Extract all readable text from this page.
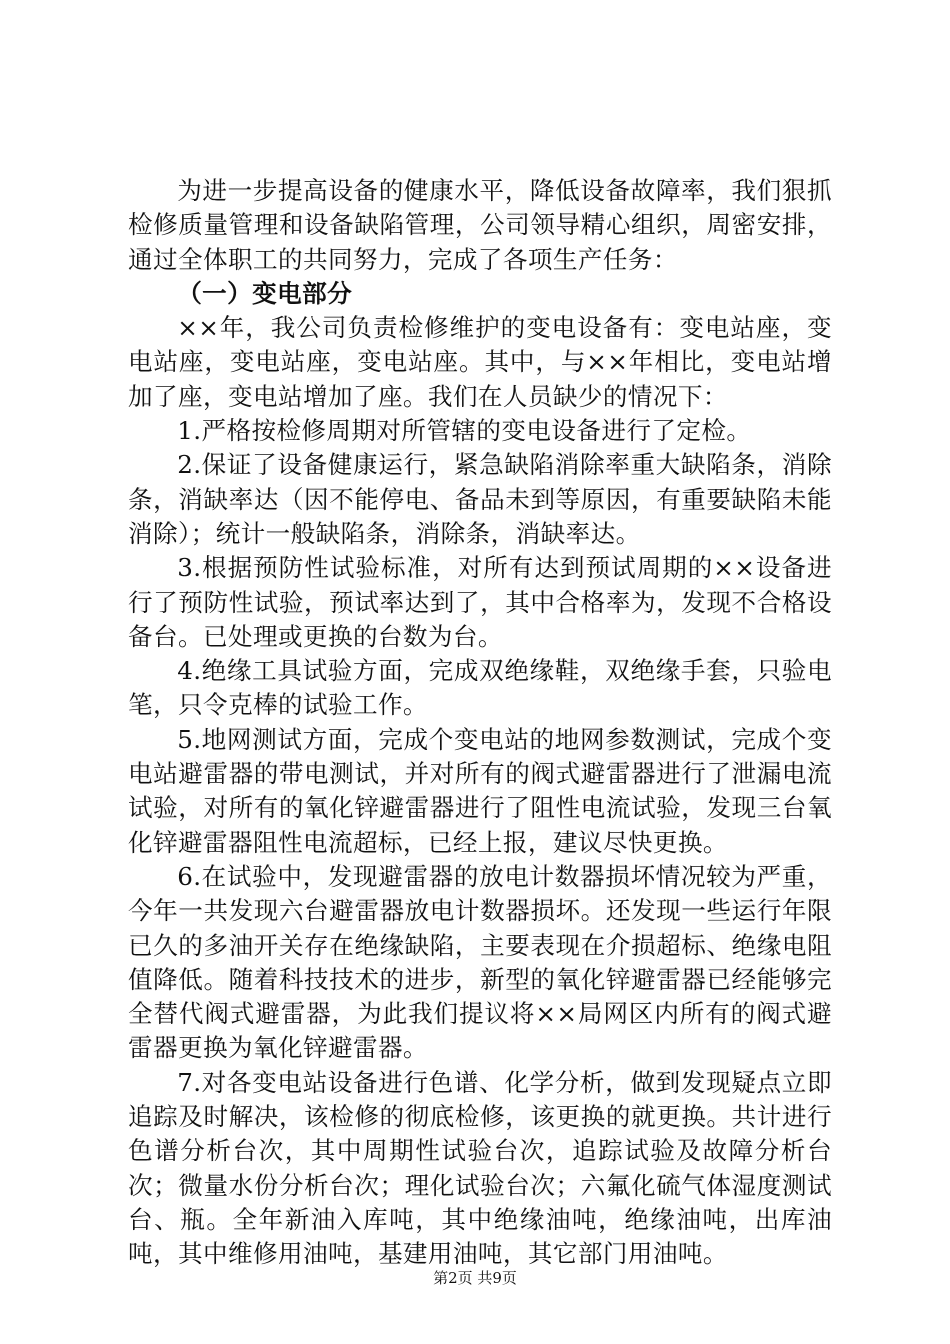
为进一步提高设备的健康水平，降低设备故障率，我们狠抓检修质量管理和设备缺陷管理，公司领导精心组织，周密安排，通过全体职工的共同努力，完成了各项生产任务：

（一）变电部分

××年，我公司负责检修维护的变电设备有：变电站座，变电站座，变电站座，变电站座。其中，与××年相比，变电站增加了座，变电站增加了座。我们在人员缺少的情况下：

1.严格按检修周期对所管辖的变电设备进行了定检。

2.保证了设备健康运行，紧急缺陷消除率重大缺陷条，消除条，消缺率达（因不能停电、备品未到等原因，有重要缺陷未能消除）；统计一般缺陷条，消除条，消缺率达。

3.根据预防性试验标准，对所有达到预试周期的××设备进行了预防性试验，预试率达到了，其中合格率为，发现不合格设备台。已处理或更换的台数为台。

4.绝缘工具试验方面，完成双绝缘鞋，双绝缘手套，只验电笔，只令克棒的试验工作。

5.地网测试方面，完成个变电站的地网参数测试，完成个变电站避雷器的带电测试，并对所有的阀式避雷器进行了泄漏电流试验，对所有的氧化锌避雷器进行了阻性电流试验，发现三台氧化锌避雷器阻性电流超标，已经上报，建议尽快更换。

6.在试验中，发现避雷器的放电计数器损坏情况较为严重，今年一共发现六台避雷器放电计数器损坏。还发现一些运行年限已久的多油开关存在绝缘缺陷，主要表现在介损超标、绝缘电阻值降低。随着科技技术的进步，新型的氧化锌避雷器已经能够完全替代阀式避雷器，为此我们提议将××局网区内所有的阀式避雷器更换为氧化锌避雷器。

7.对各变电站设备进行色谱、化学分析，做到发现疑点立即追踪及时解决，该检修的彻底检修，该更换的就更换。共计进行色谱分析台次，其中周期性试验台次，追踪试验及故障分析台次；微量水份分析台次；理化试验台次；六氟化硫气体湿度测试台、瓶。全年新油入库吨，其中绝缘油吨，绝缘油吨，出库油吨，其中维修用油吨，基建用油吨，其它部门用油吨。

第2页 共9页
